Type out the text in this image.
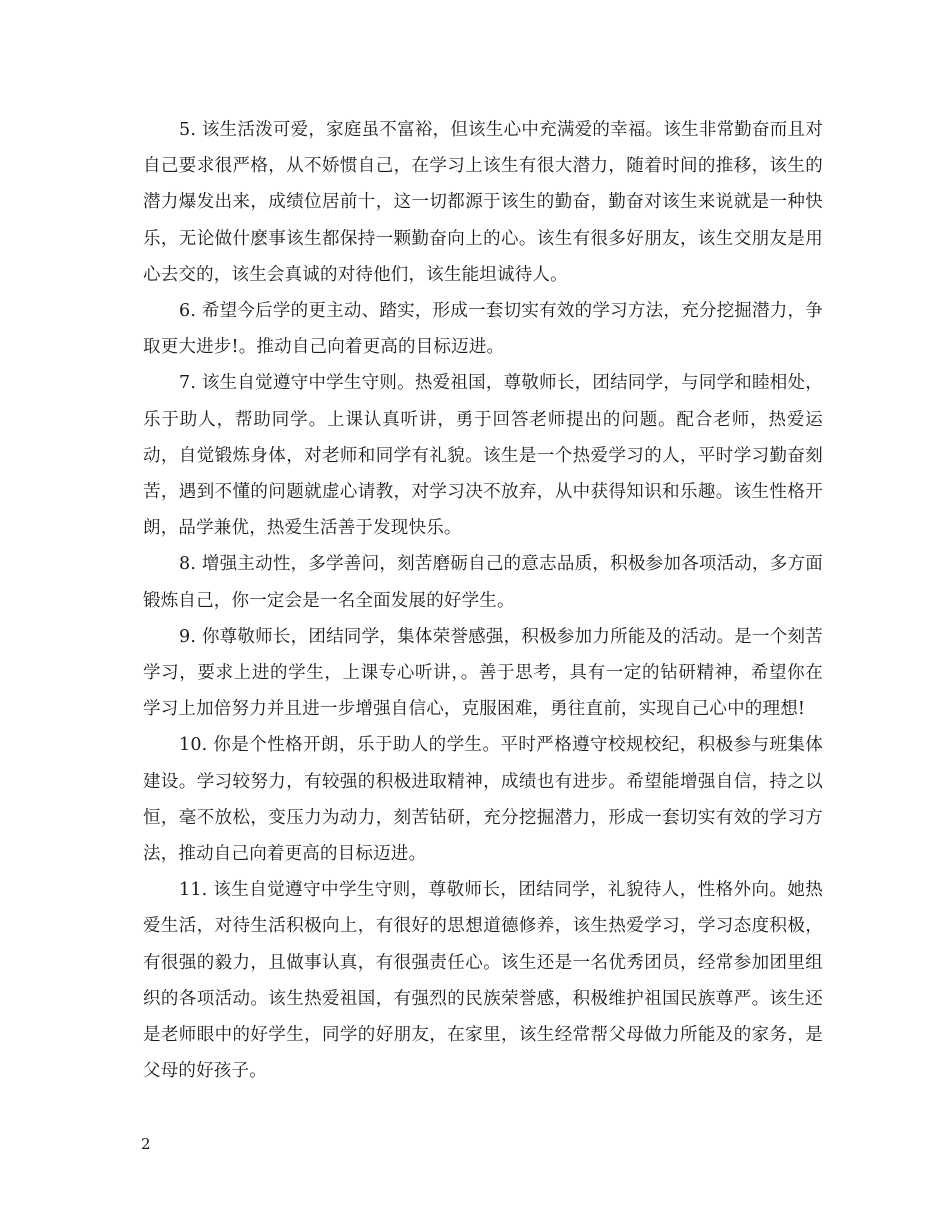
5. 该生活泼可爱，家庭虽不富裕，但该生心中充满爱的幸福。该生非常勤奋而且对自己要求很严格，从不娇惯自己，在学习上该生有很大潜力，随着时间的推移，该生的潜力爆发出来，成绩位居前十，这一切都源于该生的勤奋，勤奋对该生来说就是一种快乐，无论做什麽事该生都保持一颗勤奋向上的心。该生有很多好朋友，该生交朋友是用心去交的，该生会真诚的对待他们，该生能坦诚待人。

6. 希望今后学的更主动、踏实，形成一套切实有效的学习方法，充分挖掘潜力，争取更大进步!。推动自己向着更高的目标迈进。

7. 该生自觉遵守中学生守则。热爱祖国，尊敬师长，团结同学，与同学和睦相处，乐于助人，帮助同学。上课认真听讲，勇于回答老师提出的问题。配合老师，热爱运动，自觉锻炼身体，对老师和同学有礼貌。该生是一个热爱学习的人，平时学习勤奋刻苦，遇到不懂的问题就虚心请教，对学习决不放弃，从中获得知识和乐趣。该生性格开朗，品学兼优，热爱生活善于发现快乐。

8. 增强主动性，多学善问，刻苦磨砺自己的意志品质，积极参加各项活动，多方面锻炼自己，你一定会是一名全面发展的好学生。

9. 你尊敬师长，团结同学，集体荣誉感强，积极参加力所能及的活动。是一个刻苦学习，要求上进的学生，上课专心听讲，。善于思考，具有一定的钻研精神，希望你在学习上加倍努力并且进一步增强自信心，克服困难，勇往直前，实现自己心中的理想!

10. 你是个性格开朗，乐于助人的学生。平时严格遵守校规校纪，积极参与班集体建设。学习较努力，有较强的积极进取精神，成绩也有进步。希望能增强自信，持之以恒，毫不放松，变压力为动力，刻苦钻研，充分挖掘潜力，形成一套切实有效的学习方法，推动自己向着更高的目标迈进。

11. 该生自觉遵守中学生守则，尊敬师长，团结同学，礼貌待人，性格外向。她热爱生活，对待生活积极向上，有很好的思想道德修养，该生热爱学习，学习态度积极，有很强的毅力，且做事认真，有很强责任心。该生还是一名优秀团员，经常参加团里组织的各项活动。该生热爱祖国，有强烈的民族荣誉感，积极维护祖国民族尊严。该生还是老师眼中的好学生，同学的好朋友，在家里，该生经常帮父母做力所能及的家务，是父母的好孩子。

2
